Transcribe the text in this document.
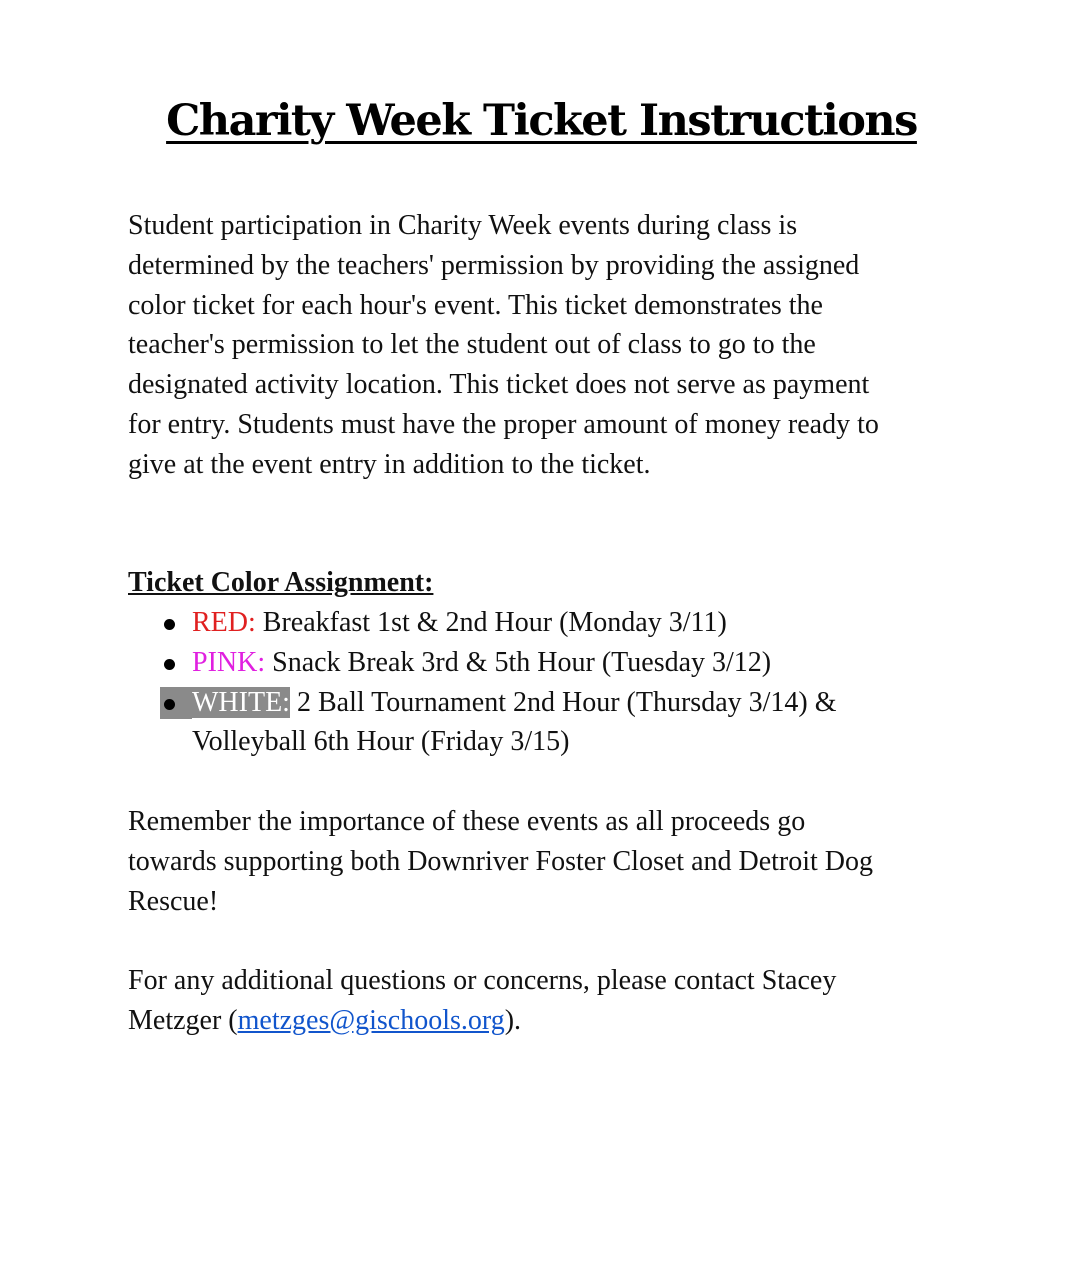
Charity Week Ticket Instructions

Student participation in Charity Week events during class is
determined by the teachers' permission by providing the assigned
color ticket for each hour's event. This ticket demonstrates the
teacher's permission to let the student out of class to go to the
designated activity location. This ticket does not serve as payment
for entry. Students must have the proper amount of money ready to
give at the event entry in addition to the ticket.

Ticket Color Assignment:

RED: Breakfast 1st & 2nd Hour (Monday 3/11)
PINK: Snack Break 3rd & 5th Hour (Tuesday 3/12)
WHITE: 2 Ball Tournament 2nd Hour (Thursday 3/14) &
Volleyball 6th Hour (Friday 3/15)

Remember the importance of these events as all proceeds go
towards supporting both Downriver Foster Closet and Detroit Dog
Rescue!

For any additional questions or concerns, please contact Stacey
Metzger (metzges@gischools.org).
